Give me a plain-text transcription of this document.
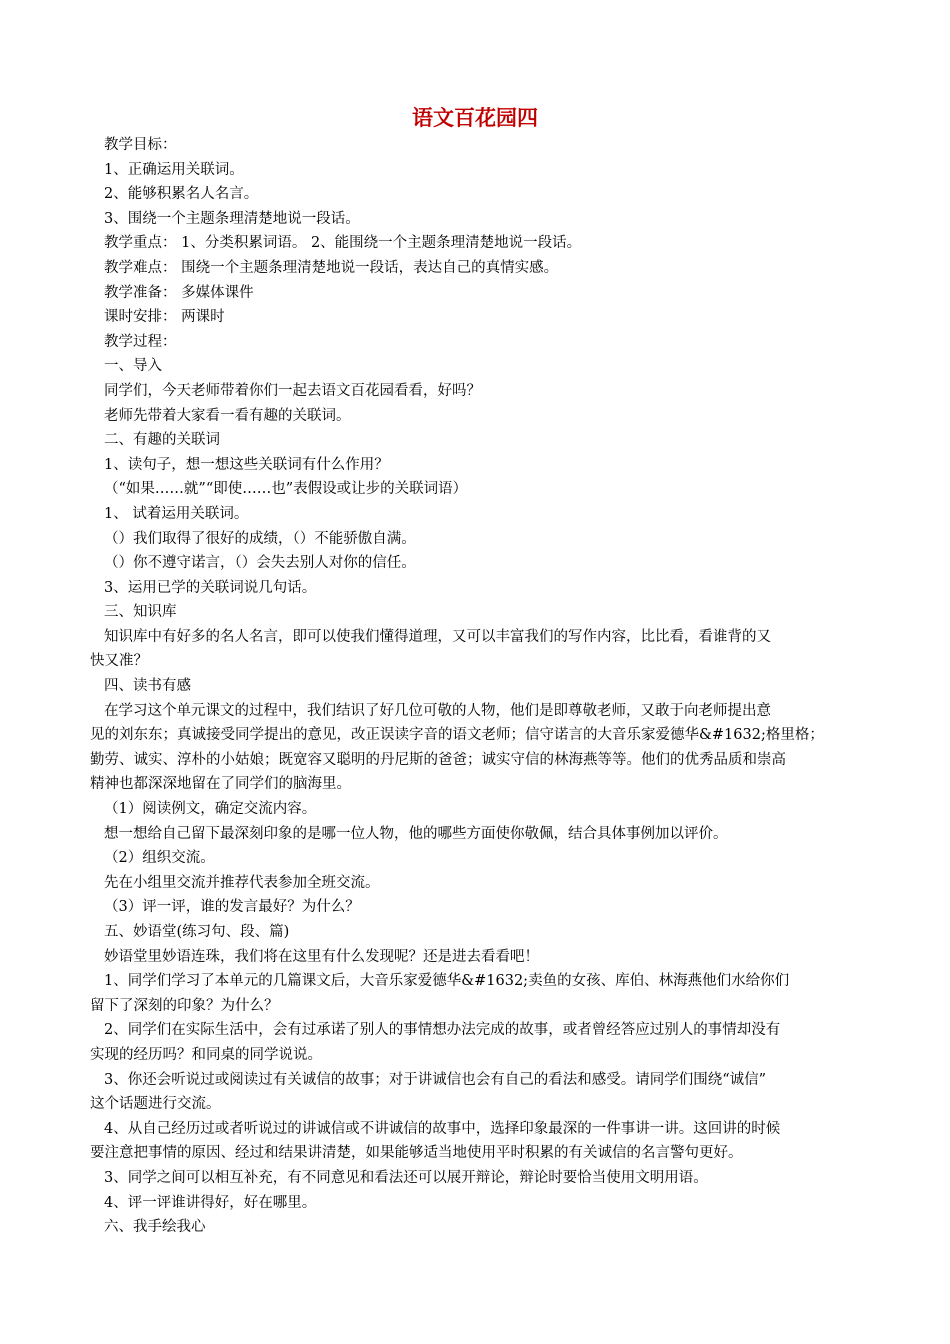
语文百花园四
教学目标：
1、正确运用关联词。
2、能够积累名人名言。
3、围绕一个主题条理清楚地说一段话。
教学重点： 1、分类积累词语。 2、能围绕一个主题条理清楚地说一段话。
教学难点： 围绕一个主题条理清楚地说一段话，表达自己的真情实感。
教学准备： 多媒体课件
课时安排： 两课时
教学过程：
一、导入
同学们，今天老师带着你们一起去语文百花园看看，好吗？
老师先带着大家看一看有趣的关联词。
二、有趣的关联词
1、读句子，想一想这些关联词有什么作用？
（“如果……就”“即使……也”表假设或让步的关联词语）
1、 试着运用关联词。
（）我们取得了很好的成绩，（）不能骄傲自满。
（）你不遵守诺言，（）会失去别人对你的信任。
3、运用已学的关联词说几句话。
三、知识库
知识库中有好多的名人名言，即可以使我们懂得道理，又可以丰富我们的写作内容，比比看，看谁背的又
快又准？
四、读书有感
在学习这个单元课文的过程中，我们结识了好几位可敬的人物，他们是即尊敬老师，又敢于向老师提出意
见的刘东东；真诚接受同学提出的意见，改正误读字音的语文老师；信守诺言的大音乐家爱德华&#1632;格里格；
勤劳、诚实、淳朴的小姑娘；既宽容又聪明的丹尼斯的爸爸；诚实守信的林海燕等等。他们的优秀品质和崇高
精神也都深深地留在了同学们的脑海里。
（1）阅读例文，确定交流内容。
想一想给自己留下最深刻印象的是哪一位人物，他的哪些方面使你敬佩，结合具体事例加以评价。
（2）组织交流。
先在小组里交流并推荐代表参加全班交流。
（3）评一评，谁的发言最好？为什么？
五、妙语堂(练习句、段、篇)
妙语堂里妙语连珠，我们将在这里有什么发现呢？还是进去看看吧！
1、同学们学习了本单元的几篇课文后，大音乐家爱德华&#1632;卖鱼的女孩、库伯、林海燕他们水给你们
留下了深刻的印象？为什么？
2、同学们在实际生活中，会有过承诺了别人的事情想办法完成的故事，或者曾经答应过别人的事情却没有
实现的经历吗？和同桌的同学说说。
3、你还会听说过或阅读过有关诚信的故事；对于讲诚信也会有自己的看法和感受。请同学们围绕“诚信”
这个话题进行交流。
4、从自己经历过或者听说过的讲诚信或不讲诚信的故事中，选择印象最深的一件事讲一讲。这回讲的时候
要注意把事情的原因、经过和结果讲清楚，如果能够适当地使用平时积累的有关诚信的名言警句更好。
3、同学之间可以相互补充，有不同意见和看法还可以展开辩论，辩论时要恰当使用文明用语。
4、评一评谁讲得好，好在哪里。
六、我手绘我心
